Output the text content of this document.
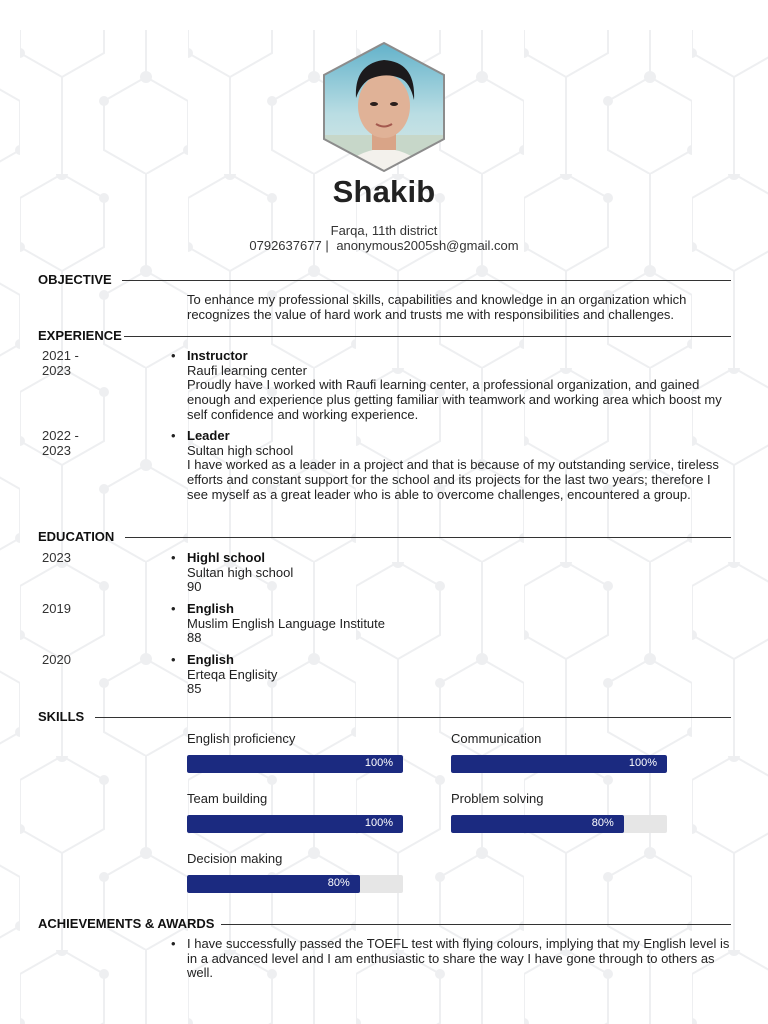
Shakib
Farqa, 11th district
0792637677 | anonymous2005sh@gmail.com
OBJECTIVE
To enhance my professional skills, capabilities and knowledge in an organization which recognizes the value of hard work and trusts me with responsibilities and challenges.
EXPERIENCE
2021 - 2023
• Instructor
Raufi learning center
Proudly have I worked with Raufi learning center, a professional organization, and gained enough and experience plus getting familiar with teamwork and working area which boost my self confidence and working experience.
2022 - 2023
• Leader
Sultan high school
I have worked as a leader in a project and that is because of my outstanding service, tireless efforts and constant support for the school and its projects for the last two years; therefore I see myself as a great leader who is able to overcome challenges, encountered a group.
EDUCATION
2023	• Highl school
Sultan high school
90
2019	• English
Muslim English Language Institute
88
2020	• English
Erteqa Englisity
85
SKILLS
English proficiency
100%
Communication
100%
Team building
100%
Problem solving
80%
Decision making
80%
ACHIEVEMENTS & AWARDS
• I have successfully passed the TOEFL test with flying colours, implying that my English level is in a advanced level and I am enthusiastic to share the way I have gone through to others as well.
